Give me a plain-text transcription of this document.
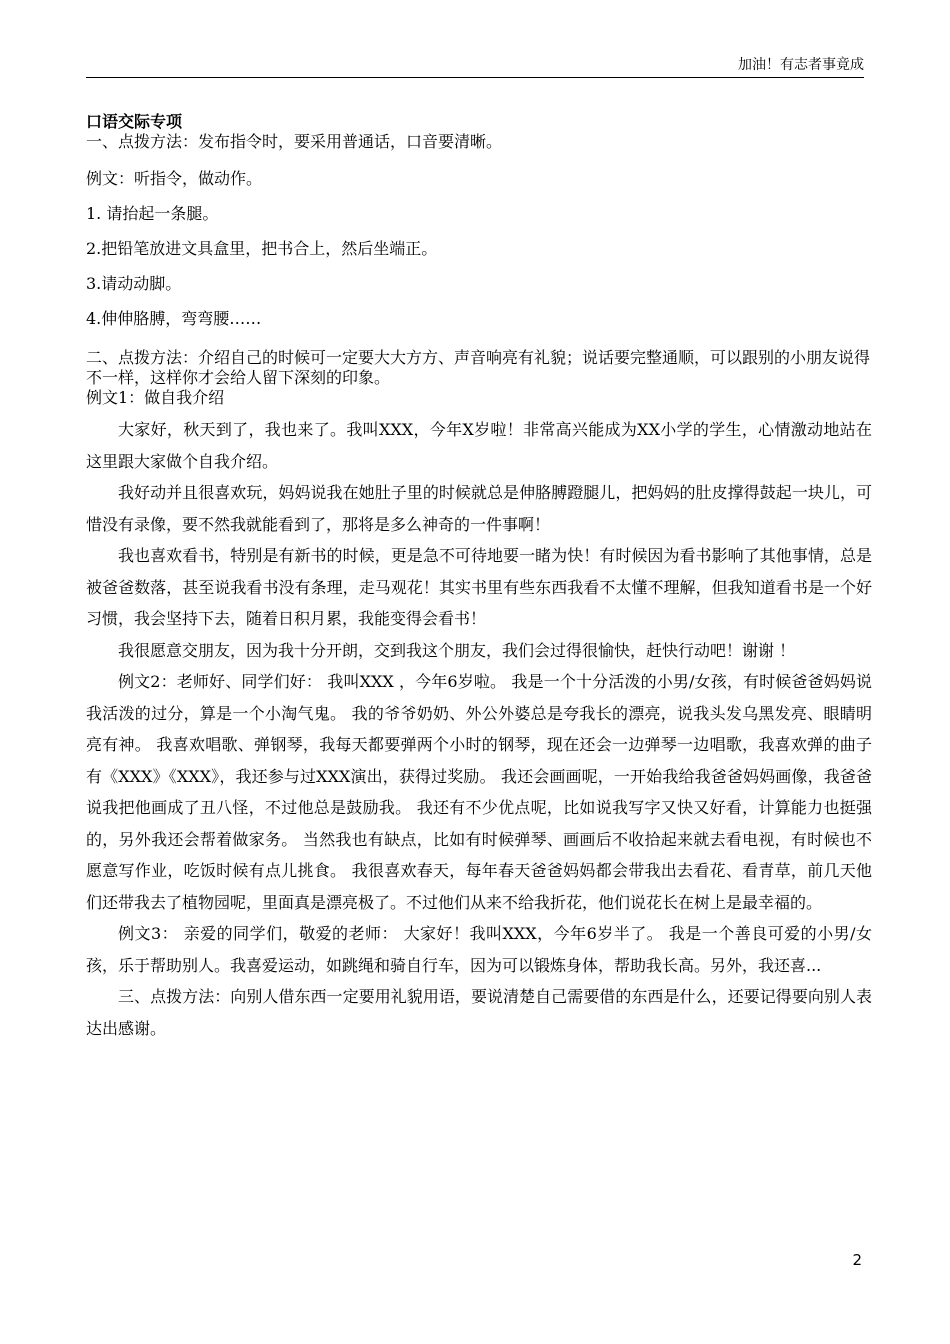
加油！有志者事竟成

口语交际专项

一、点拨方法：发布指令时，要采用普通话，口音要清晰。

例文：听指令，做动作。

1. 请抬起一条腿。

2.把铅笔放进文具盒里，把书合上，然后坐端正。

3.请动动脚。

4.伸伸胳膊，弯弯腰……

二、点拨方法：介绍自己的时候可一定要大大方方、声音响亮有礼貌；说话要完整通顺，可以跟别的小朋友说得不一样，这样你才会给人留下深刻的印象。

例文1：做自我介绍

大家好，秋天到了，我也来了。我叫XXX，今年X岁啦！非常高兴能成为XX小学的学生，心情激动地站在这里跟大家做个自我介绍。

我好动并且很喜欢玩，妈妈说我在她肚子里的时候就总是伸胳膊蹬腿儿，把妈妈的肚皮撑得鼓起一块儿，可惜没有录像，要不然我就能看到了，那将是多么神奇的一件事啊！

我也喜欢看书，特别是有新书的时候，更是急不可待地要一睹为快！有时候因为看书影响了其他事情，总是被爸爸数落，甚至说我看书没有条理，走马观花！其实书里有些东西我看不太懂不理解，但我知道看书是一个好习惯，我会坚持下去，随着日积月累，我能变得会看书！

我很愿意交朋友，因为我十分开朗，交到我这个朋友，我们会过得很愉快，赶快行动吧！谢谢 ！

例文2：老师好、同学们好： 我叫XXX ，今年6岁啦。 我是一个十分活泼的小男/女孩，有时候爸爸妈妈说我活泼的过分，算是一个小淘气鬼。 我的爷爷奶奶、外公外婆总是夸我长的漂亮，说我头发乌黑发亮、眼睛明亮有神。 我喜欢唱歌、弹钢琴，我每天都要弹两个小时的钢琴，现在还会一边弹琴一边唱歌，我喜欢弹的曲子有《XXX》《XXX》，我还参与过XXX演出，获得过奖励。 我还会画画呢，一开始我给我爸爸妈妈画像，我爸爸说我把他画成了丑八怪，不过他总是鼓励我。 我还有不少优点呢，比如说我写字又快又好看，计算能力也挺强的，另外我还会帮着做家务。 当然我也有缺点，比如有时候弹琴、画画后不收拾起来就去看电视，有时候也不愿意写作业，吃饭时候有点儿挑食。 我很喜欢春天，每年春天爸爸妈妈都会带我出去看花、看青草，前几天他们还带我去了植物园呢，里面真是漂亮极了。不过他们从来不给我折花，他们说花长在树上是最幸福的。

例文3： 亲爱的同学们，敬爱的老师： 大家好！我叫XXX，今年6岁半了。 我是一个善良可爱的小男/女孩，乐于帮助别人。我喜爱运动，如跳绳和骑自行车，因为可以锻炼身体，帮助我长高。另外，我还喜...

三、点拨方法：向别人借东西一定要用礼貌用语，要说清楚自己需要借的东西是什么，还要记得要向别人表达出感谢。

2
